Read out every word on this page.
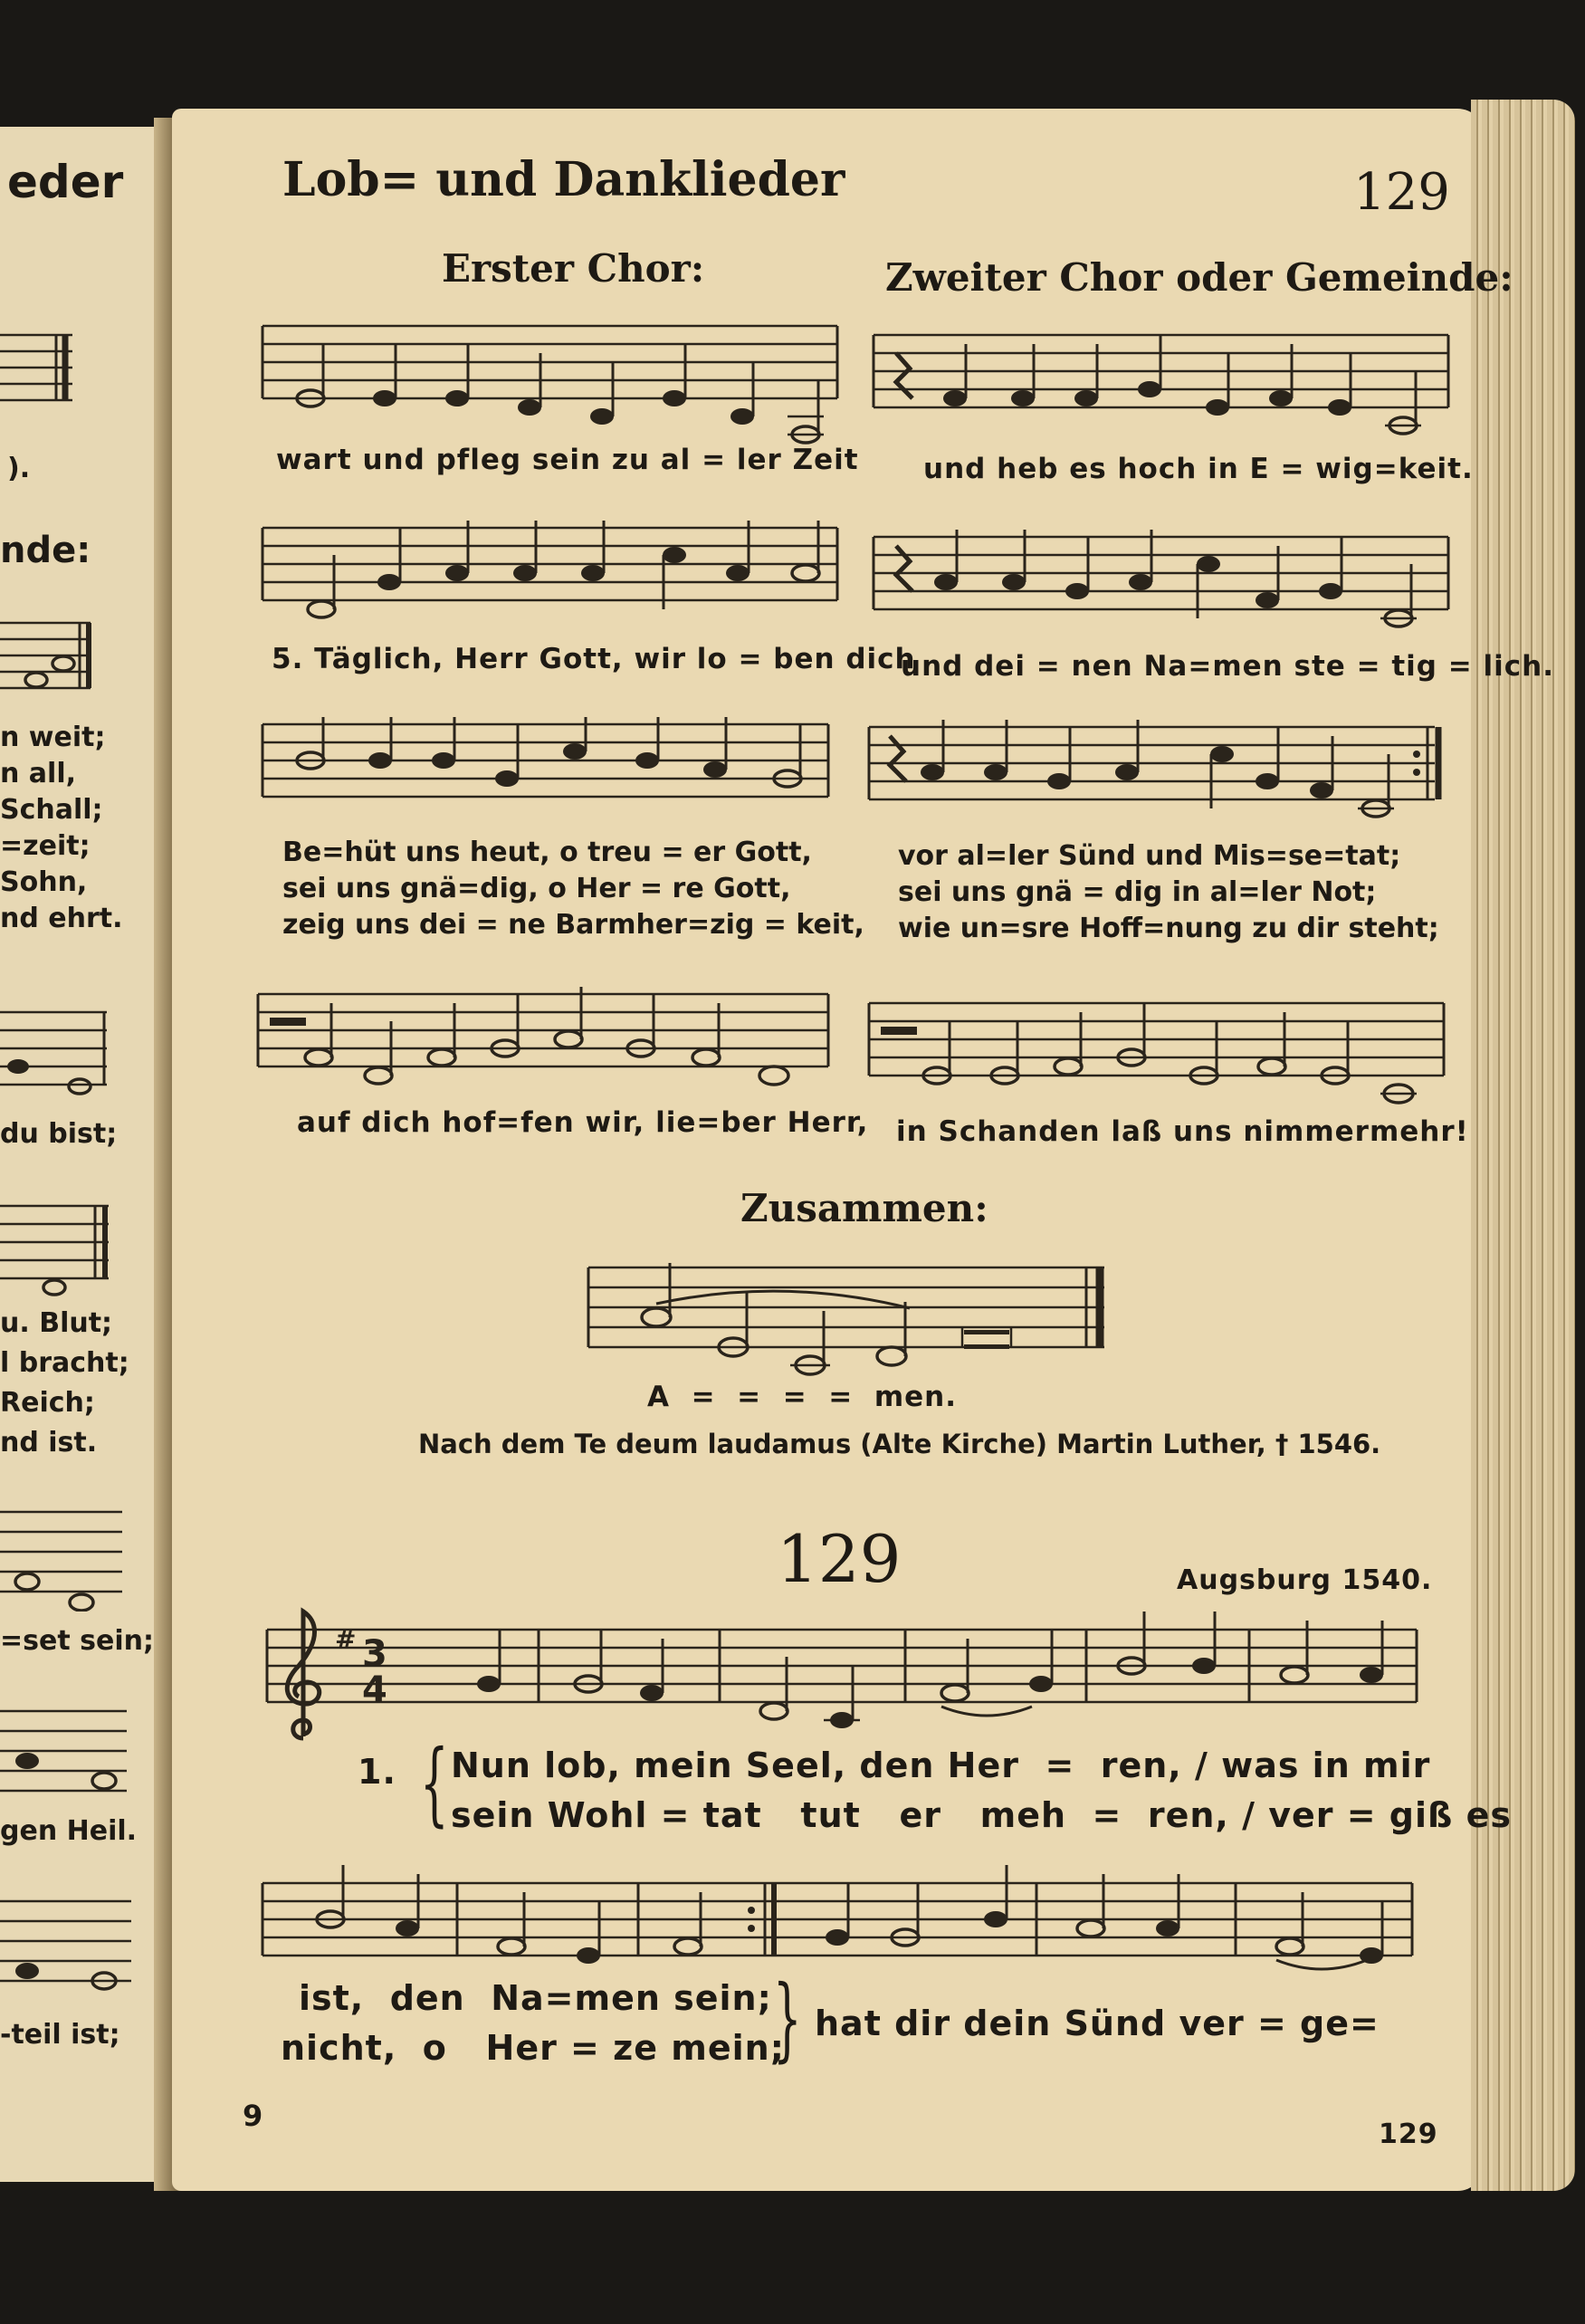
eder
).
nde:
n weit;
n all,
Schall;
=zeit;
Sohn,
nd ehrt.
du bist;
u. Blut;
l bracht;
Reich;
nd ist.
=set sein;
gen Heil.
-teil ist;
9
Lob= und Danklieder	129
Erster Chor:	Zweiter Chor oder Gemeinde:
wart und pfleg sein zu al = ler Zeit und heb es hoch in E = wig=keit.
5. Täglich, Herr Gott, wir lo = ben dich
und dei = nen Na=men ste = tig = lich.
Be=hüt uns heut, o treu = er Gott,
sei uns gnä=dig, o Her = re Gott,
zeig uns dei = ne Barmher=zig = keit,
vor al=ler Sünd und Mis=se=tat;
sei uns gnä = dig in al=ler Not;
wie un=sre Hoff=nung zu dir steht;
auf dich hof=fen wir, lie=ber Herr, in Schanden laß uns nimmermehr!
Zusammen:
A  =  =  =  =  men.
Nach dem Te deum laudamus (Alte Kirche) Martin Luther, † 1546.
129	Augsburg 1540.
# 3
4
1. { Nun lob, mein Seel, den Her  =  ren, / was in mir
sein Wohl = tat   tut   er   meh  =  ren, / ver = giß es
ist,  den  Na=men sein;
nicht,  o   Her = ze mein;
} hat dir dein Sünd ver = ge=
129
